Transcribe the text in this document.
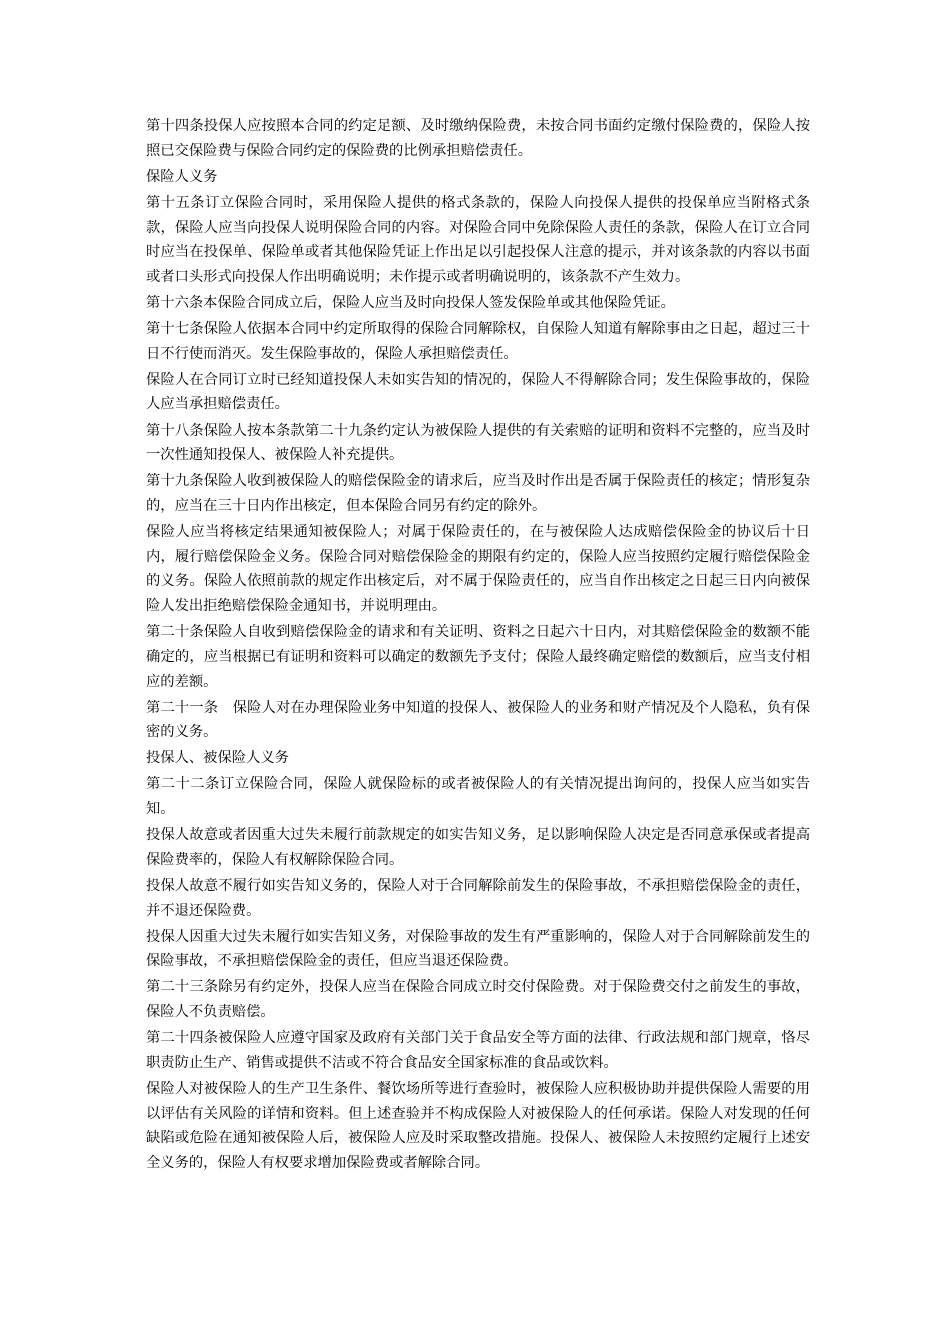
第十四条投保人应按照本合同的约定足额、及时缴纳保险费，未按合同书面约定缴付保险费的，保险人按照已交保险费与保险合同约定的保险费的比例承担赔偿责任。

保险人义务

第十五条订立保险合同时，采用保险人提供的格式条款的，保险人向投保人提供的投保单应当附格式条款，保险人应当向投保人说明保险合同的内容。对保险合同中免除保险人责任的条款，保险人在订立合同时应当在投保单、保险单或者其他保险凭证上作出足以引起投保人注意的提示，并对该条款的内容以书面或者口头形式向投保人作出明确说明；未作提示或者明确说明的，该条款不产生效力。

第十六条本保险合同成立后，保险人应当及时向投保人签发保险单或其他保险凭证。

第十七条保险人依据本合同中约定所取得的保险合同解除权，自保险人知道有解除事由之日起，超过三十日不行使而消灭。发生保险事故的，保险人承担赔偿责任。

保险人在合同订立时已经知道投保人未如实告知的情况的，保险人不得解除合同；发生保险事故的，保险人应当承担赔偿责任。

第十八条保险人按本条款第二十九条约定认为被保险人提供的有关索赔的证明和资料不完整的，应当及时一次性通知投保人、被保险人补充提供。

第十九条保险人收到被保险人的赔偿保险金的请求后，应当及时作出是否属于保险责任的核定；情形复杂的，应当在三十日内作出核定，但本保险合同另有约定的除外。

保险人应当将核定结果通知被保险人；对属于保险责任的，在与被保险人达成赔偿保险金的协议后十日内，履行赔偿保险金义务。保险合同对赔偿保险金的期限有约定的，保险人应当按照约定履行赔偿保险金的义务。保险人依照前款的规定作出核定后，对不属于保险责任的，应当自作出核定之日起三日内向被保险人发出拒绝赔偿保险金通知书，并说明理由。

第二十条保险人自收到赔偿保险金的请求和有关证明、资料之日起六十日内，对其赔偿保险金的数额不能确定的，应当根据已有证明和资料可以确定的数额先予支付；保险人最终确定赔偿的数额后，应当支付相应的差额。

第二十一条　保险人对在办理保险业务中知道的投保人、被保险人的业务和财产情况及个人隐私，负有保密的义务。

投保人、被保险人义务

第二十二条订立保险合同，保险人就保险标的或者被保险人的有关情况提出询问的，投保人应当如实告知。

投保人故意或者因重大过失未履行前款规定的如实告知义务，足以影响保险人决定是否同意承保或者提高保险费率的，保险人有权解除保险合同。

投保人故意不履行如实告知义务的，保险人对于合同解除前发生的保险事故，不承担赔偿保险金的责任，并不退还保险费。

投保人因重大过失未履行如实告知义务，对保险事故的发生有严重影响的，保险人对于合同解除前发生的保险事故，不承担赔偿保险金的责任，但应当退还保险费。

第二十三条除另有约定外，投保人应当在保险合同成立时交付保险费。对于保险费交付之前发生的事故，保险人不负责赔偿。

第二十四条被保险人应遵守国家及政府有关部门关于食品安全等方面的法律、行政法规和部门规章，恪尽职责防止生产、销售或提供不洁或不符合食品安全国家标准的食品或饮料。

保险人对被保险人的生产卫生条件、餐饮场所等进行查验时，被保险人应积极协助并提供保险人需要的用以评估有关风险的详情和资料。但上述查验并不构成保险人对被保险人的任何承诺。保险人对发现的任何缺陷或危险在通知被保险人后，被保险人应及时采取整改措施。投保人、被保险人未按照约定履行上述安全义务的，保险人有权要求增加保险费或者解除合同。
